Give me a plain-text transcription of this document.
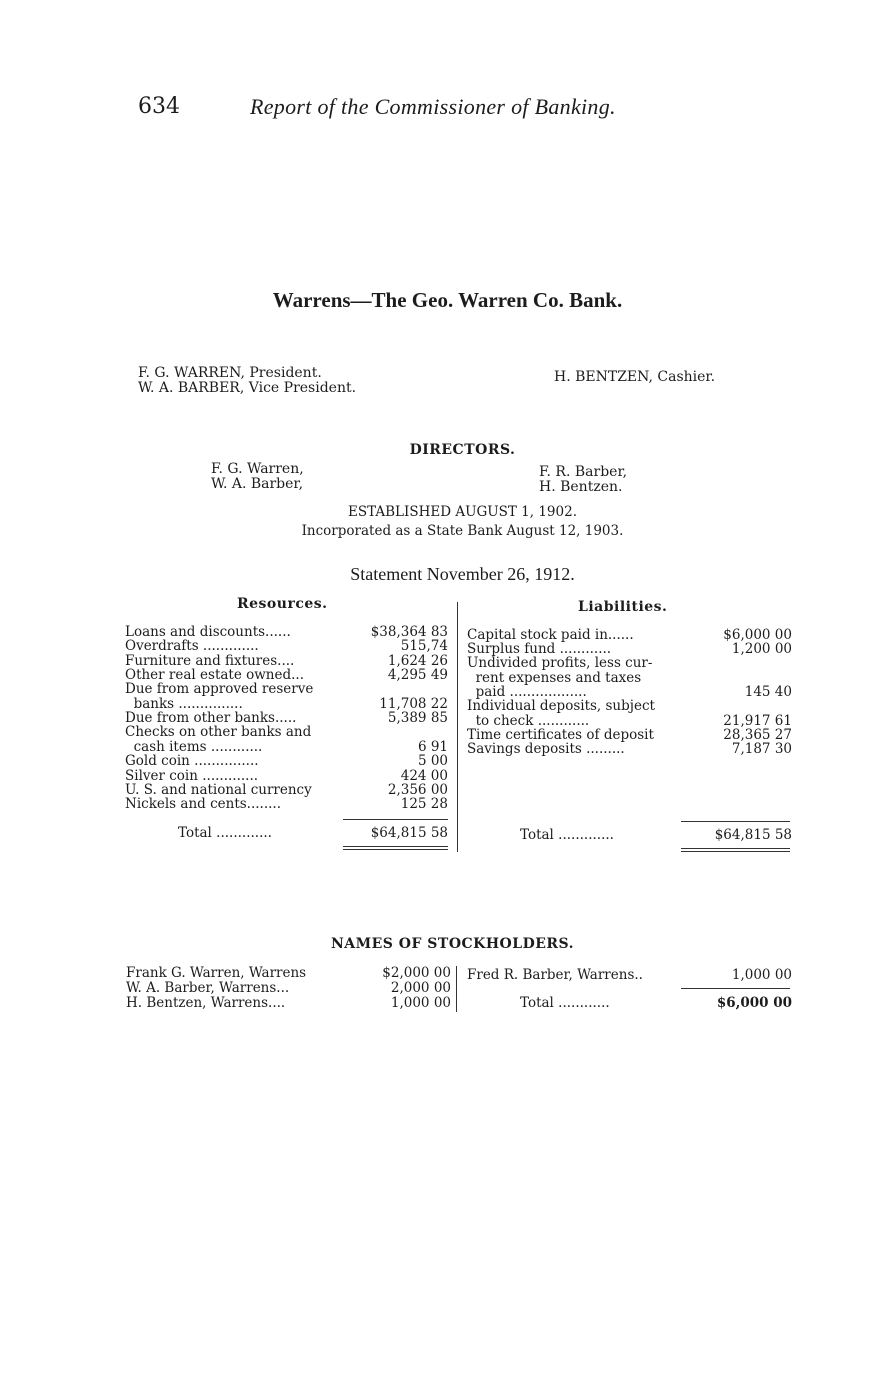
634	Report of the Commissioner of Banking.
Warrens—The Geo. Warren Co. Bank.
F. G. WARREN, President.
W. A. BARBER, Vice President.
H. BENTZEN, Cashier.
DIRECTORS.
F. G. Warren,
W. A. Barber,
F. R. Barber,
H. Bentzen.
ESTABLISHED AUGUST 1, 1902.
Incorporated as a State Bank August 12, 1903.
Statement November 26, 1912.
Resources.	Liabilities.
Loans and discounts......	$38,364 83
Overdrafts .............	515,74
Furniture and fixtures....	1,624 26
Other real estate owned...	4,295 49
Due from approved reserve
banks ...............	11,708 22
Due from other banks.....	5,389 85
Checks on other banks and
cash items ............	6 91
Gold coin ...............	5 00
Silver coin .............	424 00
U. S. and national currency	2,356 00
Nickels and cents........	125 28
Total .............	$64,815 58
Capital stock paid in......	$6,000 00
Surplus fund ............	1,200 00
Undivided profits, less cur-
rent expenses and taxes
paid ..................	145 40
Individual deposits, subject
to check ............	21,917 61
Time certificates of deposit	28,365 27
Savings deposits .........	7,187 30
Total .............	$64,815 58
NAMES OF STOCKHOLDERS.
Frank G. Warren, Warrens	$2,000 00
W. A. Barber, Warrens...	2,000 00
H. Bentzen, Warrens....	1,000 00
Fred R. Barber, Warrens..	1,000 00
Total ............	$6,000 00
